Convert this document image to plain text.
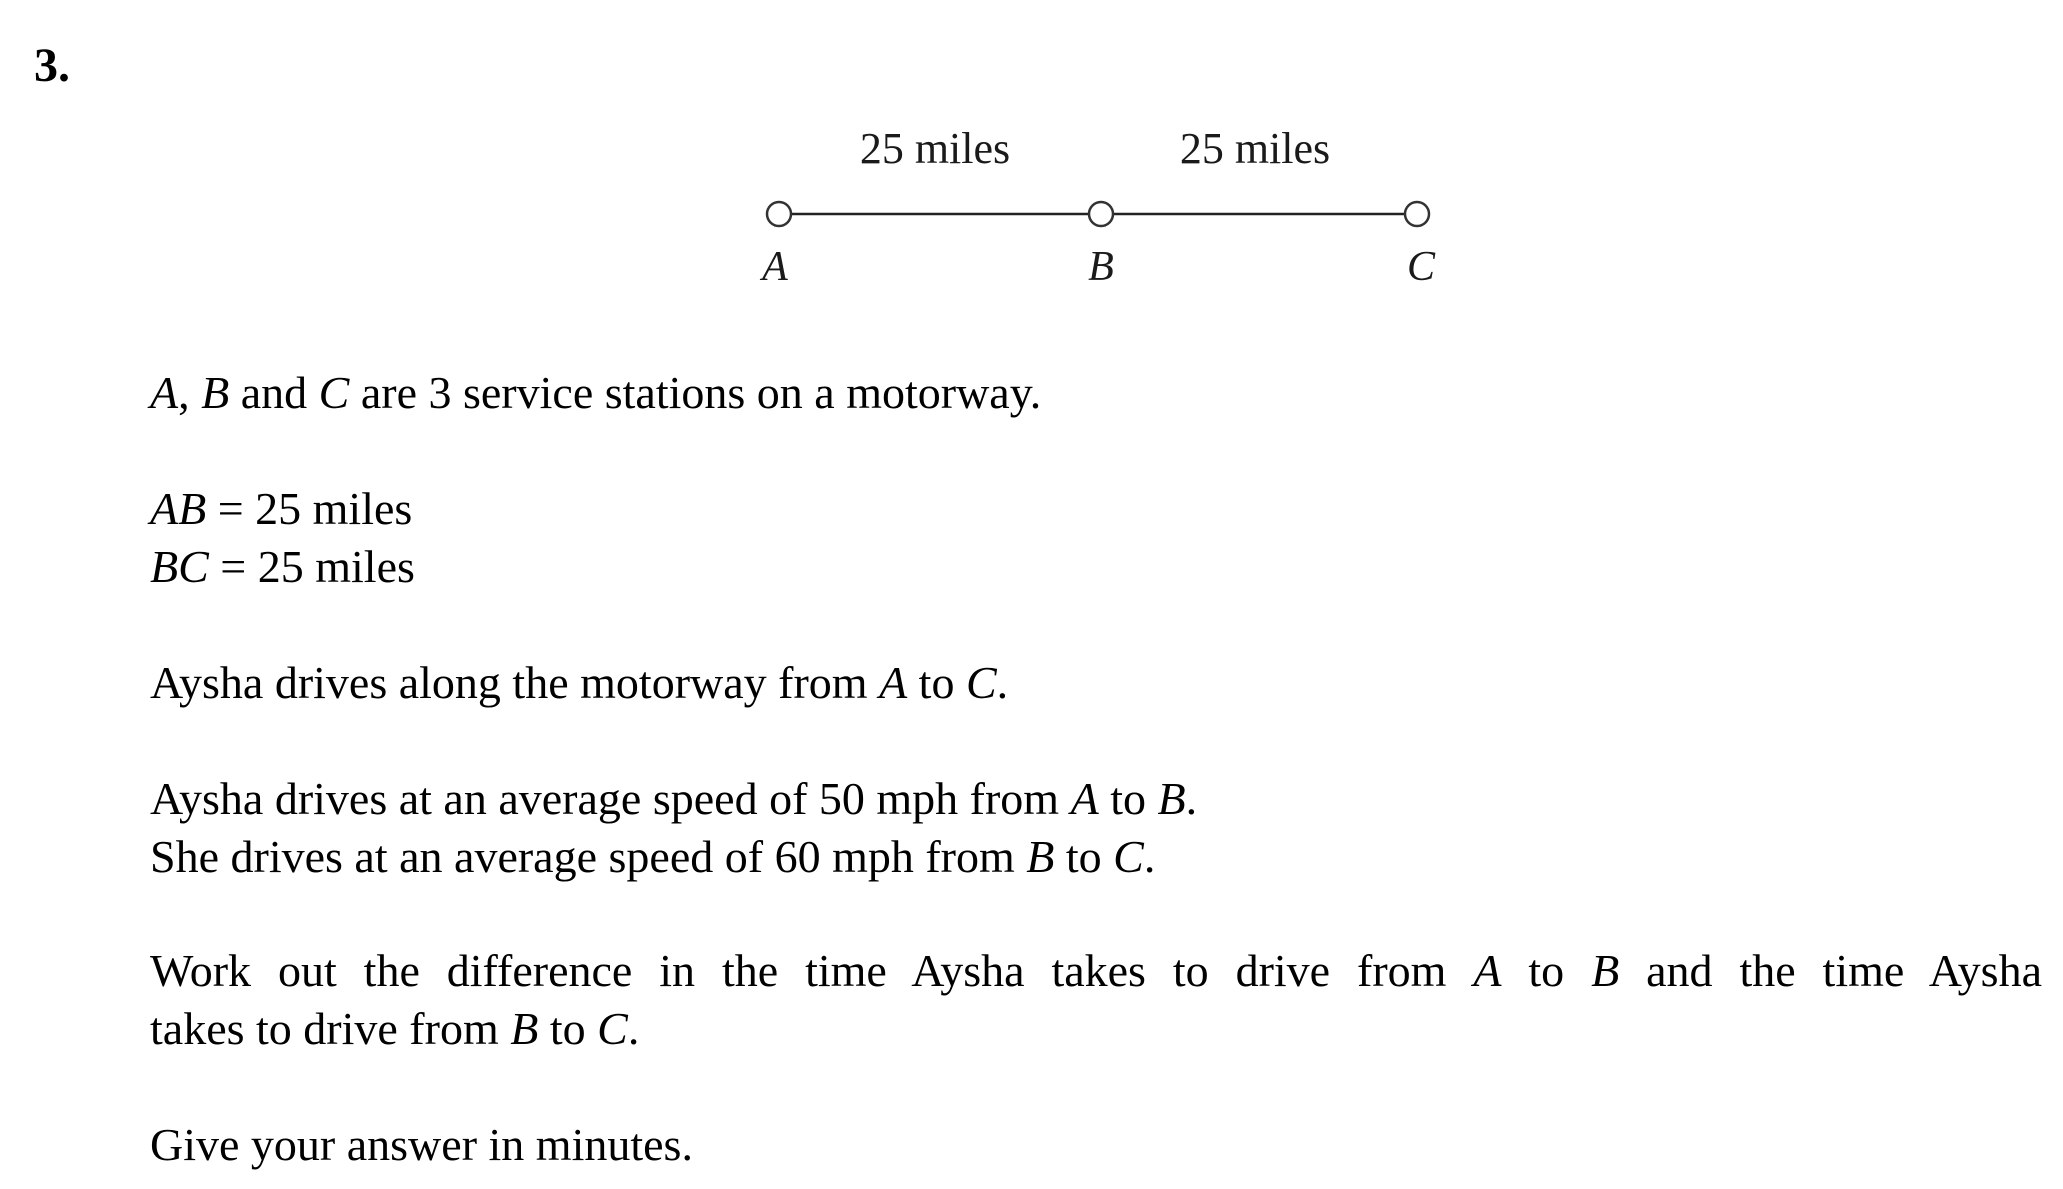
3.
25 miles	25 miles
A	B	C
A, B and C are 3 service stations on a motorway.
AB = 25 miles
BC = 25 miles
Aysha drives along the motorway from A to C.
Aysha drives at an average speed of 50 mph from A to B.
She drives at an average speed of 60 mph from B to C.
Work out the difference in the time Aysha takes to drive from A to B and the time Aysha
takes to drive from B to C.
Give your answer in minutes.
